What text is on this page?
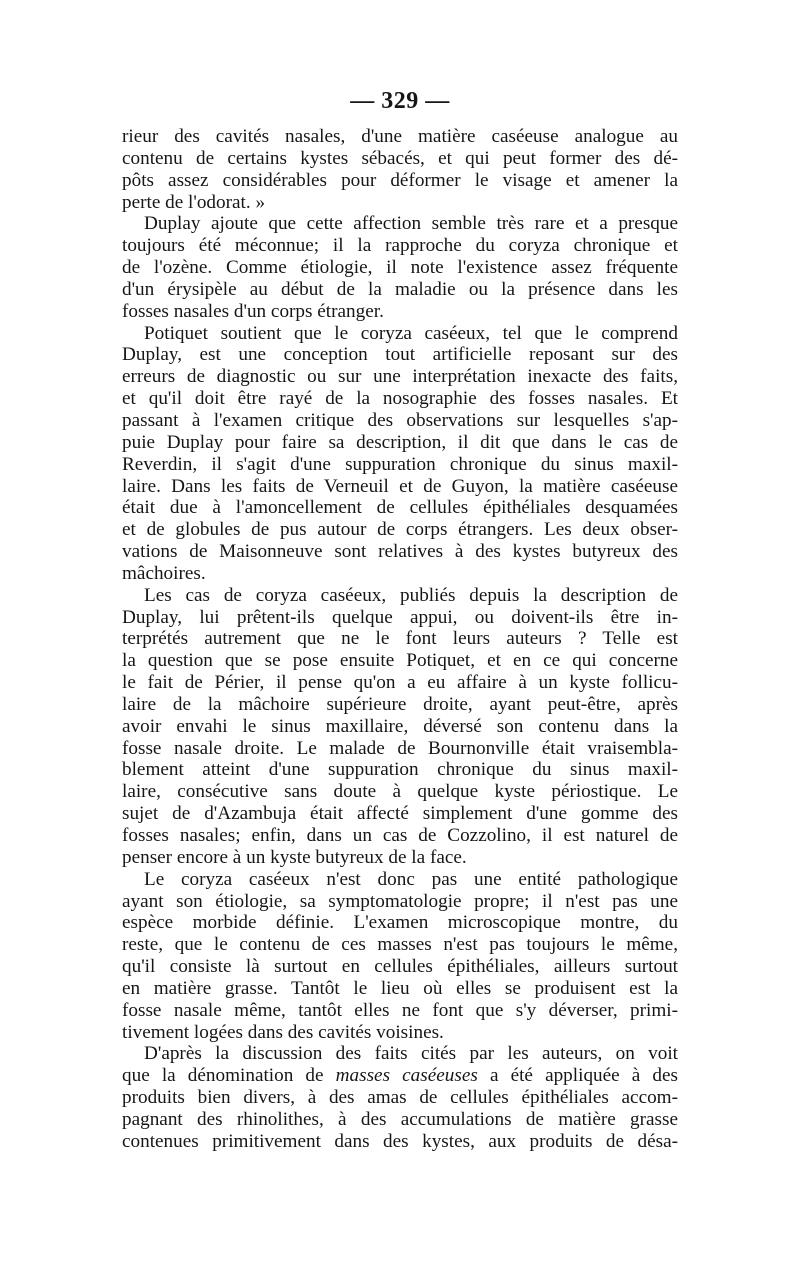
— 329 —
rieur des cavités nasales, d'une matière caséeuse analogue au
contenu de certains kystes sébacés, et qui peut former des dé-
pôts assez considérables pour déformer le visage et amener la
perte de l'odorat. »
Duplay ajoute que cette affection semble très rare et a presque
toujours été méconnue; il la rapproche du coryza chronique et
de l'ozène. Comme étiologie, il note l'existence assez fréquente
d'un érysipèle au début de la maladie ou la présence dans les
fosses nasales d'un corps étranger.
Potiquet soutient que le coryza caséeux, tel que le comprend
Duplay, est une conception tout artificielle reposant sur des
erreurs de diagnostic ou sur une interprétation inexacte des faits,
et qu'il doit être rayé de la nosographie des fosses nasales. Et
passant à l'examen critique des observations sur lesquelles s'ap-
puie Duplay pour faire sa description, il dit que dans le cas de
Reverdin, il s'agit d'une suppuration chronique du sinus maxil-
laire. Dans les faits de Verneuil et de Guyon, la matière caséeuse
était due à l'amoncellement de cellules épithéliales desquamées
et de globules de pus autour de corps étrangers. Les deux obser-
vations de Maisonneuve sont relatives à des kystes butyreux des
mâchoires.
Les cas de coryza caséeux, publiés depuis la description de
Duplay, lui prêtent-ils quelque appui, ou doivent-ils être in-
terprétés autrement que ne le font leurs auteurs ? Telle est
la question que se pose ensuite Potiquet, et en ce qui concerne
le fait de Périer, il pense qu'on a eu affaire à un kyste follicu-
laire de la mâchoire supérieure droite, ayant peut-être, après
avoir envahi le sinus maxillaire, déversé son contenu dans la
fosse nasale droite. Le malade de Bournonville était vraisembla-
blement atteint d'une suppuration chronique du sinus maxil-
laire, consécutive sans doute à quelque kyste périostique. Le
sujet de d'Azambuja était affecté simplement d'une gomme des
fosses nasales; enfin, dans un cas de Cozzolino, il est naturel de
penser encore à un kyste butyreux de la face.
Le coryza caséeux n'est donc pas une entité pathologique
ayant son étiologie, sa symptomatologie propre; il n'est pas une
espèce morbide définie. L'examen microscopique montre, du
reste, que le contenu de ces masses n'est pas toujours le même,
qu'il consiste là surtout en cellules épithéliales, ailleurs surtout
en matière grasse. Tantôt le lieu où elles se produisent est la
fosse nasale même, tantôt elles ne font que s'y déverser, primi-
tivement logées dans des cavités voisines.
D'après la discussion des faits cités par les auteurs, on voit
que la dénomination de masses caséeuses a été appliquée à des
produits bien divers, à des amas de cellules épithéliales accom-
pagnant des rhinolithes, à des accumulations de matière grasse
contenues primitivement dans des kystes, aux produits de désa-
